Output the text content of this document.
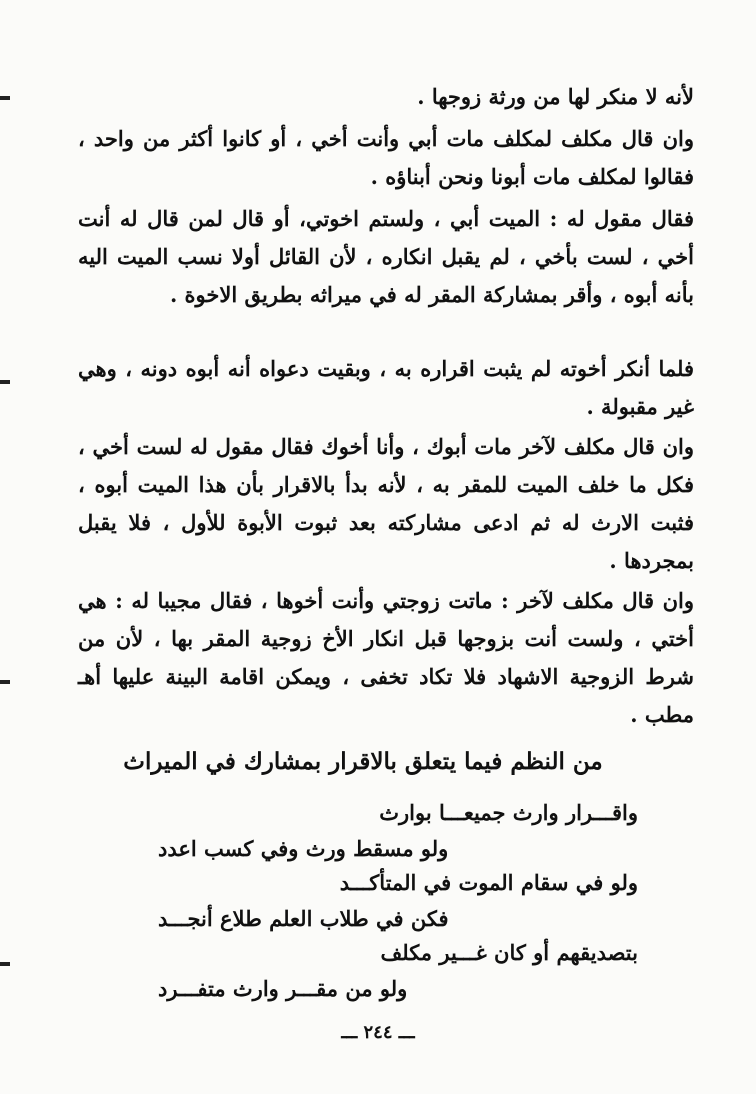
لأنه لا منكر لها من ورثة زوجها .

وان قال مكلف لمكلف مات أبي وأنت أخي ، أو كانوا أكثر من واحد ، فقالوا لمكلف مات أبونا ونحن أبناؤه .

فقال مقول له : الميت أبي ، ولستم اخوتي، أو قال لمن قال له أنت أخي ، لست بأخي ، لم يقبل انكاره ، لأن القائل أولا نسب الميت اليه بأنه أبوه ، وأقر بمشاركة المقر له في ميراثه بطريق الاخوة .

فلما أنكر أخوته لم يثبت اقراره به ، وبقيت دعواه أنه أبوه دونه ، وهي غير مقبولة .

وان قال مكلف لآخر مات أبوك ، وأنا أخوك فقال مقول له لست أخي ، فكل ما خلف الميت للمقر به ، لأنه بدأ بالاقرار بأن هذا الميت أبوه ، فثبت الارث له ثم ادعى مشاركته بعد ثبوت الأبوة للأول ، فلا يقبل بمجردها .

وان قال مكلف لآخر : ماتت زوجتي وأنت أخوها ، فقال مجيبا له : هي أختي ، ولست أنت بزوجها قبل انكار الأخ زوجية المقر بها ، لأن من شرط الزوجية الاشهاد فلا تكاد تخفى ، ويمكن اقامة البينة عليها أهـ مطب .

من النظم فيما يتعلق بالاقرار بمشارك في الميراث
واقـــرار وارث جميعـــا بوارث
ولو مسقط ورث وفي كسب اعدد
ولو في سقام الموت في المتأكـــد
فكن في طلاب العلم طلاع أنجـــد
بتصديقهم أو كان غـــير مكلف
ولو من مقـــر وارث متفـــرد
ـــ ٢٤٤ ـــ
